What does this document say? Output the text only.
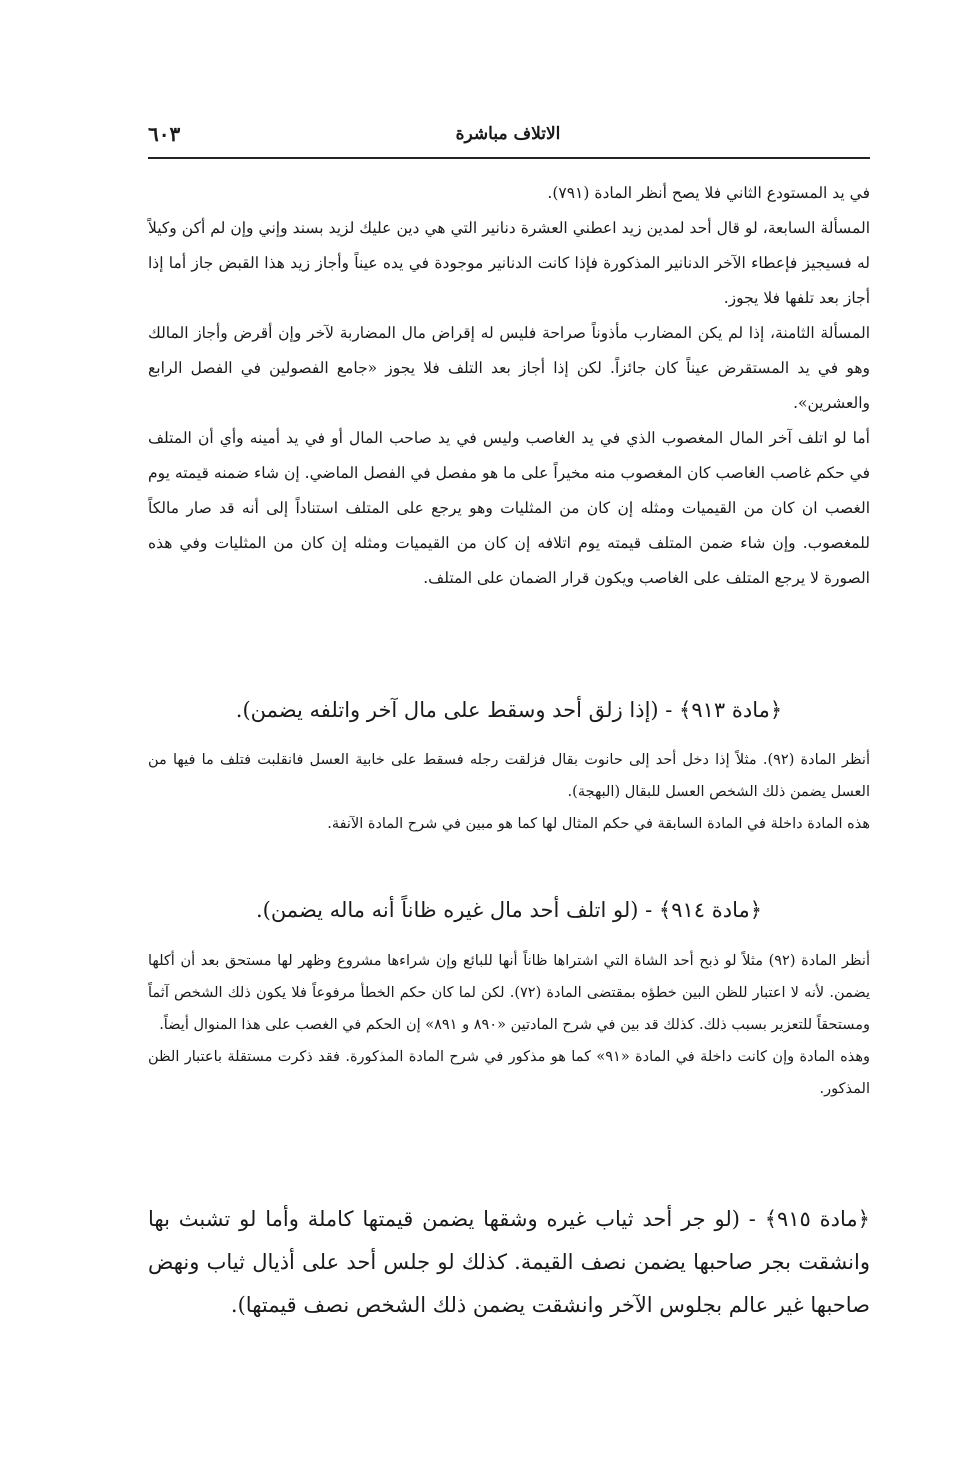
الاتلاف مباشرة
٦٠٣

في يد المستودع الثاني فلا يصح أنظر المادة (٧٩١).

المسألة السابعة، لو قال أحد لمدين زيد اعطني العشرة دنانير التي هي دين عليك لزيد بسند وإني وإن لم أكن وكيلاً له فسيجيز فإعطاء الآخر الدنانير المذكورة فإذا كانت الدنانير موجودة في يده عيناً وأجاز زيد هذا القبض جاز أما إذا أجاز بعد تلفها فلا يجوز.

المسألة الثامنة، إذا لم يكن المضارب مأذوناً صراحة فليس له إقراض مال المضاربة لآخر وإن أقرض وأجاز المالك وهو في يد المستقرض عيناً كان جائزاً. لكن إذا أجاز بعد التلف فلا يجوز «جامع الفصولين في الفصل الرابع والعشرين».

أما لو اتلف آخر المال المغصوب الذي في يد الغاصب وليس في يد صاحب المال أو في يد أمينه وأي أن المتلف في حكم غاصب الغاصب كان المغصوب منه مخيراً على ما هو مفصل في الفصل الماضي. إن شاء ضمنه قيمته يوم الغصب ان كان من القيميات ومثله إن كان من المثليات وهو يرجع على المتلف استناداً إلى أنه قد صار مالكاً للمغصوب. وإن شاء ضمن المتلف قيمته يوم اتلافه إن كان من القيميات ومثله إن كان من المثليات وفي هذه الصورة لا يرجع المتلف على الغاصب ويكون قرار الضمان على المتلف.

﴿مادة ٩١٣﴾ - (إذا زلق أحد وسقط على مال آخر واتلفه يضمن).

أنظر المادة (٩٢). مثلاً إذا دخل أحد إلى حانوت بقال فزلقت رجله فسقط على خابية العسل فانقلبت فتلف ما فيها من العسل يضمن ذلك الشخص العسل للبقال (البهجة).

هذه المادة داخلة في المادة السابقة في حكم المثال لها كما هو مبين في شرح المادة الآنفة.

﴿مادة ٩١٤﴾ - (لو اتلف أحد مال غيره ظاناً أنه ماله يضمن).

أنظر المادة (٩٢) مثلاً لو ذبح أحد الشاة التي اشتراها ظاناً أنها للبائع وإن شراءها مشروع وظهر لها مستحق بعد أن أكلها يضمن. لأنه لا اعتبار للظن البين خطؤه بمقتضى المادة (٧٢). لكن لما كان حكم الخطأ مرفوعاً فلا يكون ذلك الشخص آثماً ومستحقاً للتعزير بسبب ذلك. كذلك قد بين في شرح المادتين «٨٩٠ و ٨٩١» إن الحكم في الغصب على هذا المنوال أيضاً.

وهذه المادة وإن كانت داخلة في المادة «٩١» كما هو مذكور في شرح المادة المذكورة. فقد ذكرت مستقلة باعتبار الظن المذكور.

﴿مادة ٩١٥﴾ - (لو جر أحد ثياب غيره وشقها يضمن قيمتها كاملة وأما لو تشبث بها وانشقت بجر صاحبها يضمن نصف القيمة. كذلك لو جلس أحد على أذيال ثياب ونهض صاحبها غير عالم بجلوس الآخر وانشقت يضمن ذلك الشخص نصف قيمتها).
